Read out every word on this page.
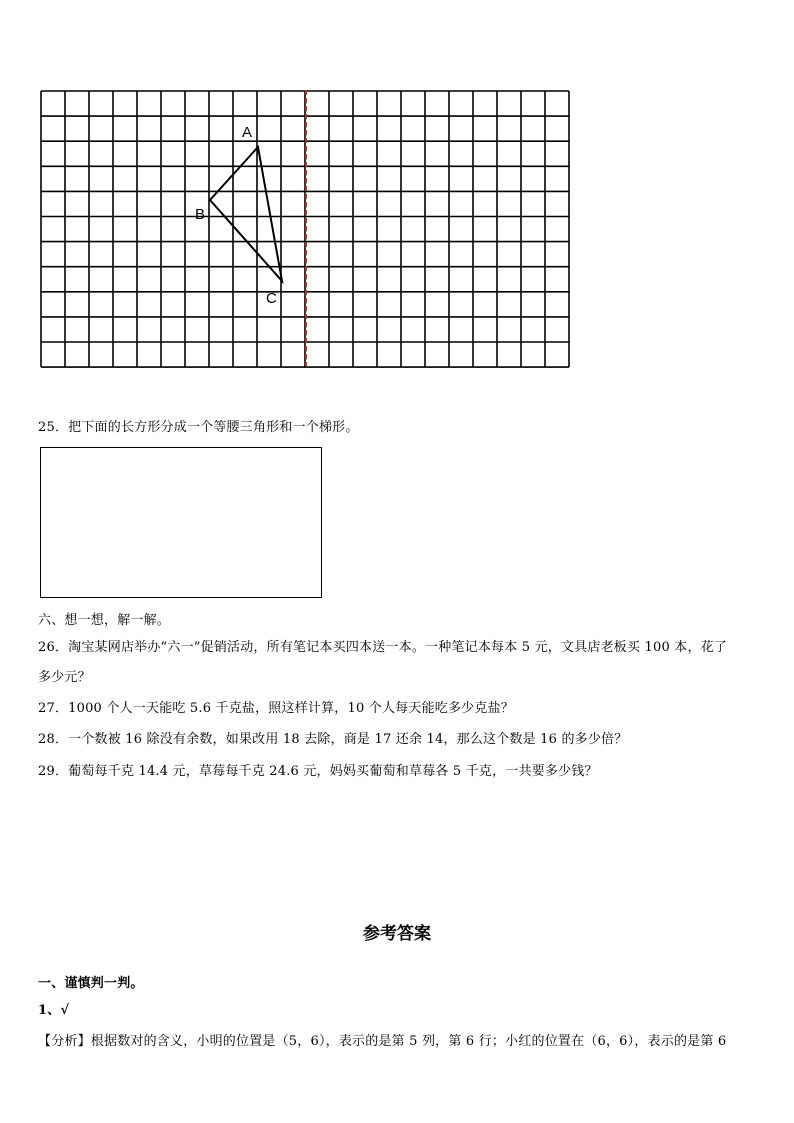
A
B
C
25．把下面的长方形分成一个等腰三角形和一个梯形。
六、想一想，解一解。
26．淘宝某网店举办“六一”促销活动，所有笔记本买四本送一本。一种笔记本每本 5 元，文具店老板买 100 本，花了
多少元？
27．1000 个人一天能吃 5.6 千克盐，照这样计算，10 个人每天能吃多少克盐？
28．一个数被 16 除没有余数，如果改用 18 去除，商是 17 还余 14，那么这个数是 16 的多少倍？
29．葡萄每千克 14.4 元，草莓每千克 24.6 元，妈妈买葡萄和草莓各 5 千克，一共要多少钱？
参考答案
一、谨慎判一判。
1、√
【分析】根据数对的含义，小明的位置是（5，6），表示的是第 5 列，第 6 行；小红的位置在（6，6），表示的是第 6
